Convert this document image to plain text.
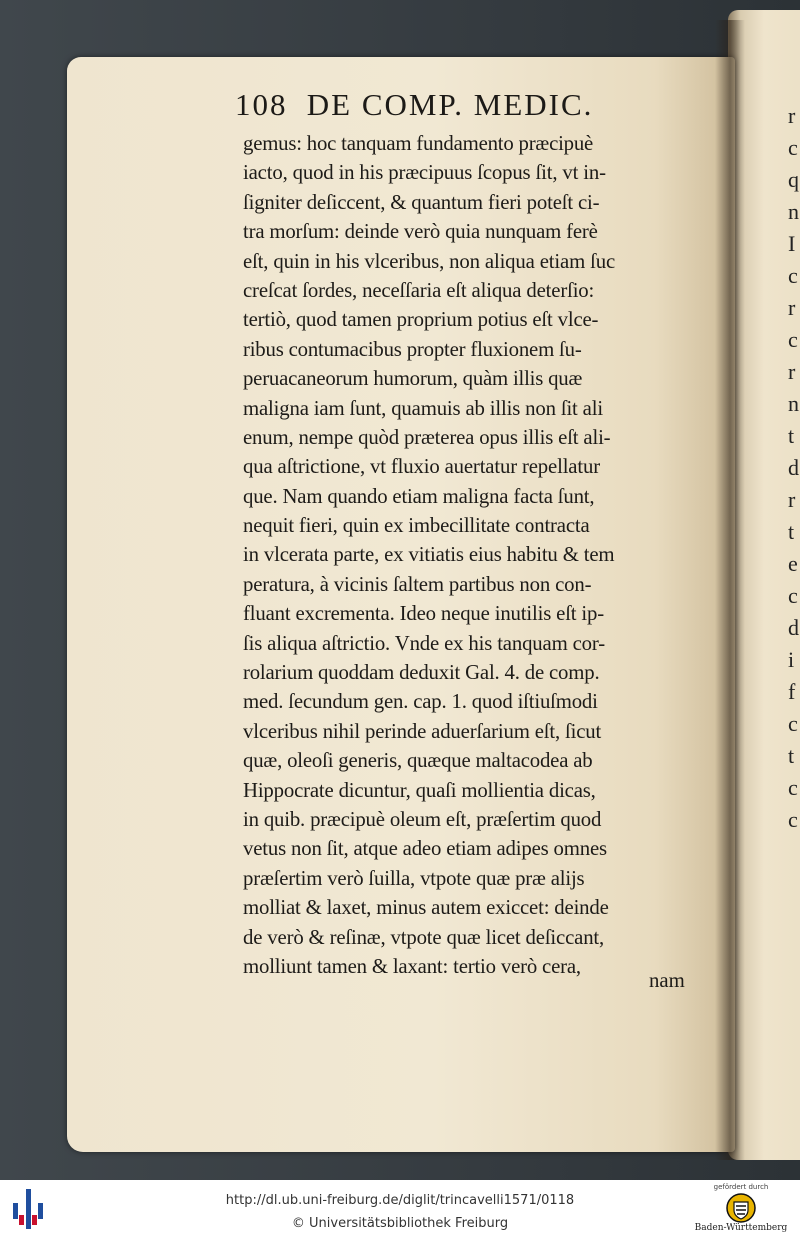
r
c
q
n
I
c
r
c
r
n
t
d
r
t
e
c
d
i
f
c
t
c
c
108 DE COMP. MEDIC.
gemus: hoc tanquam fundamento præcipuè
iacto, quod in his præcipuus ſcopus ſit, vt in-
ſigniter deſiccent, & quantum fieri poteſt ci-
tra morſum: deinde verò quia nunquam ferè
eſt, quin in his vlceribus, non aliqua etiam ſuc
creſcat ſordes, neceſſaria eſt aliqua deterſio:
tertiò, quod tamen proprium potius eſt vlce-
ribus contumacibus propter fluxionem ſu-
peruacaneorum humorum, quàm illis quæ
maligna iam ſunt, quamuis ab illis non ſit ali
enum, nempe quòd præterea opus illis eſt ali-
qua aſtrictione, vt fluxio auertatur repellatur
que. Nam quando etiam maligna facta ſunt,
nequit fieri, quin ex imbecillitate contracta
in vlcerata parte, ex vitiatis eius habitu & tem
peratura, à vicinis ſaltem partibus non con-
fluant excrementa. Ideo neque inutilis eſt ip-
ſis aliqua aſtrictio. Vnde ex his tanquam cor-
rolarium quoddam deduxit Gal. 4. de comp.
med. ſecundum gen. cap. 1. quod iſtiuſmodi
vlceribus nihil perinde aduerſarium eſt, ſicut
quæ, oleoſi generis, quæque maltacodea ab
Hippocrate dicuntur, quaſi mollientia dicas,
in quib. præcipuè oleum eſt, præſertim quod
vetus non ſit, atque adeo etiam adipes omnes
præſertim verò ſuilla, vtpote quæ præ alijs
molliat & laxet, minus autem exiccet: deinde
de verò & reſinæ, vtpote quæ licet deſiccant,
molliunt tamen & laxant: tertio verò cera,
nam
http://dl.ub.uni-freiburg.de/diglit/trincavelli1571/0118
© Universitätsbibliothek Freiburg
gefördert durch
Baden-Württemberg
